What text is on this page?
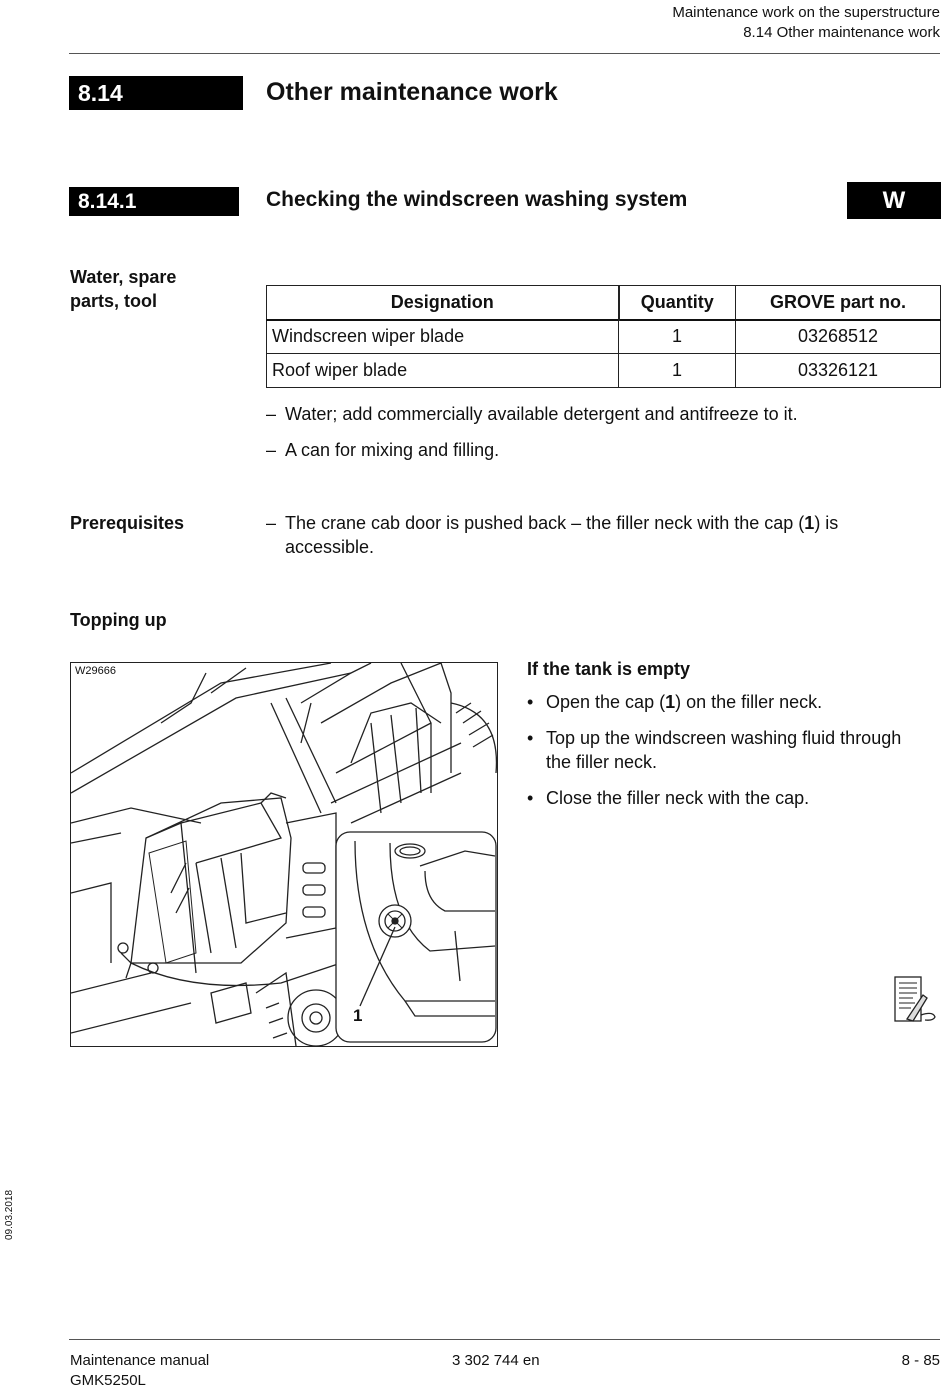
Maintenance work on the superstructure
8.14 Other maintenance work
8.14	Other maintenance work
8.14.1	Checking the windscreen washing system	W
Water, spare
parts, tool	Designation	Quantity	GROVE part no.
Windscreen wiper blade	1	03268512
Roof wiper blade	1	03326121
– Water; add commercially available detergent and antifreeze to it.
– A can for mixing and filling.
Prerequisites	– The crane cab door is pushed back – the filler neck with the cap (1) is accessible.
Topping up
W29666
1
If the tank is empty
• Open the cap (1) on the filler neck.
• Top up the windscreen washing fluid through the filler neck.
• Close the filler neck with the cap.
09.03.2018
Maintenance manual
GMK5250L
3 302 744 en	8 - 85
